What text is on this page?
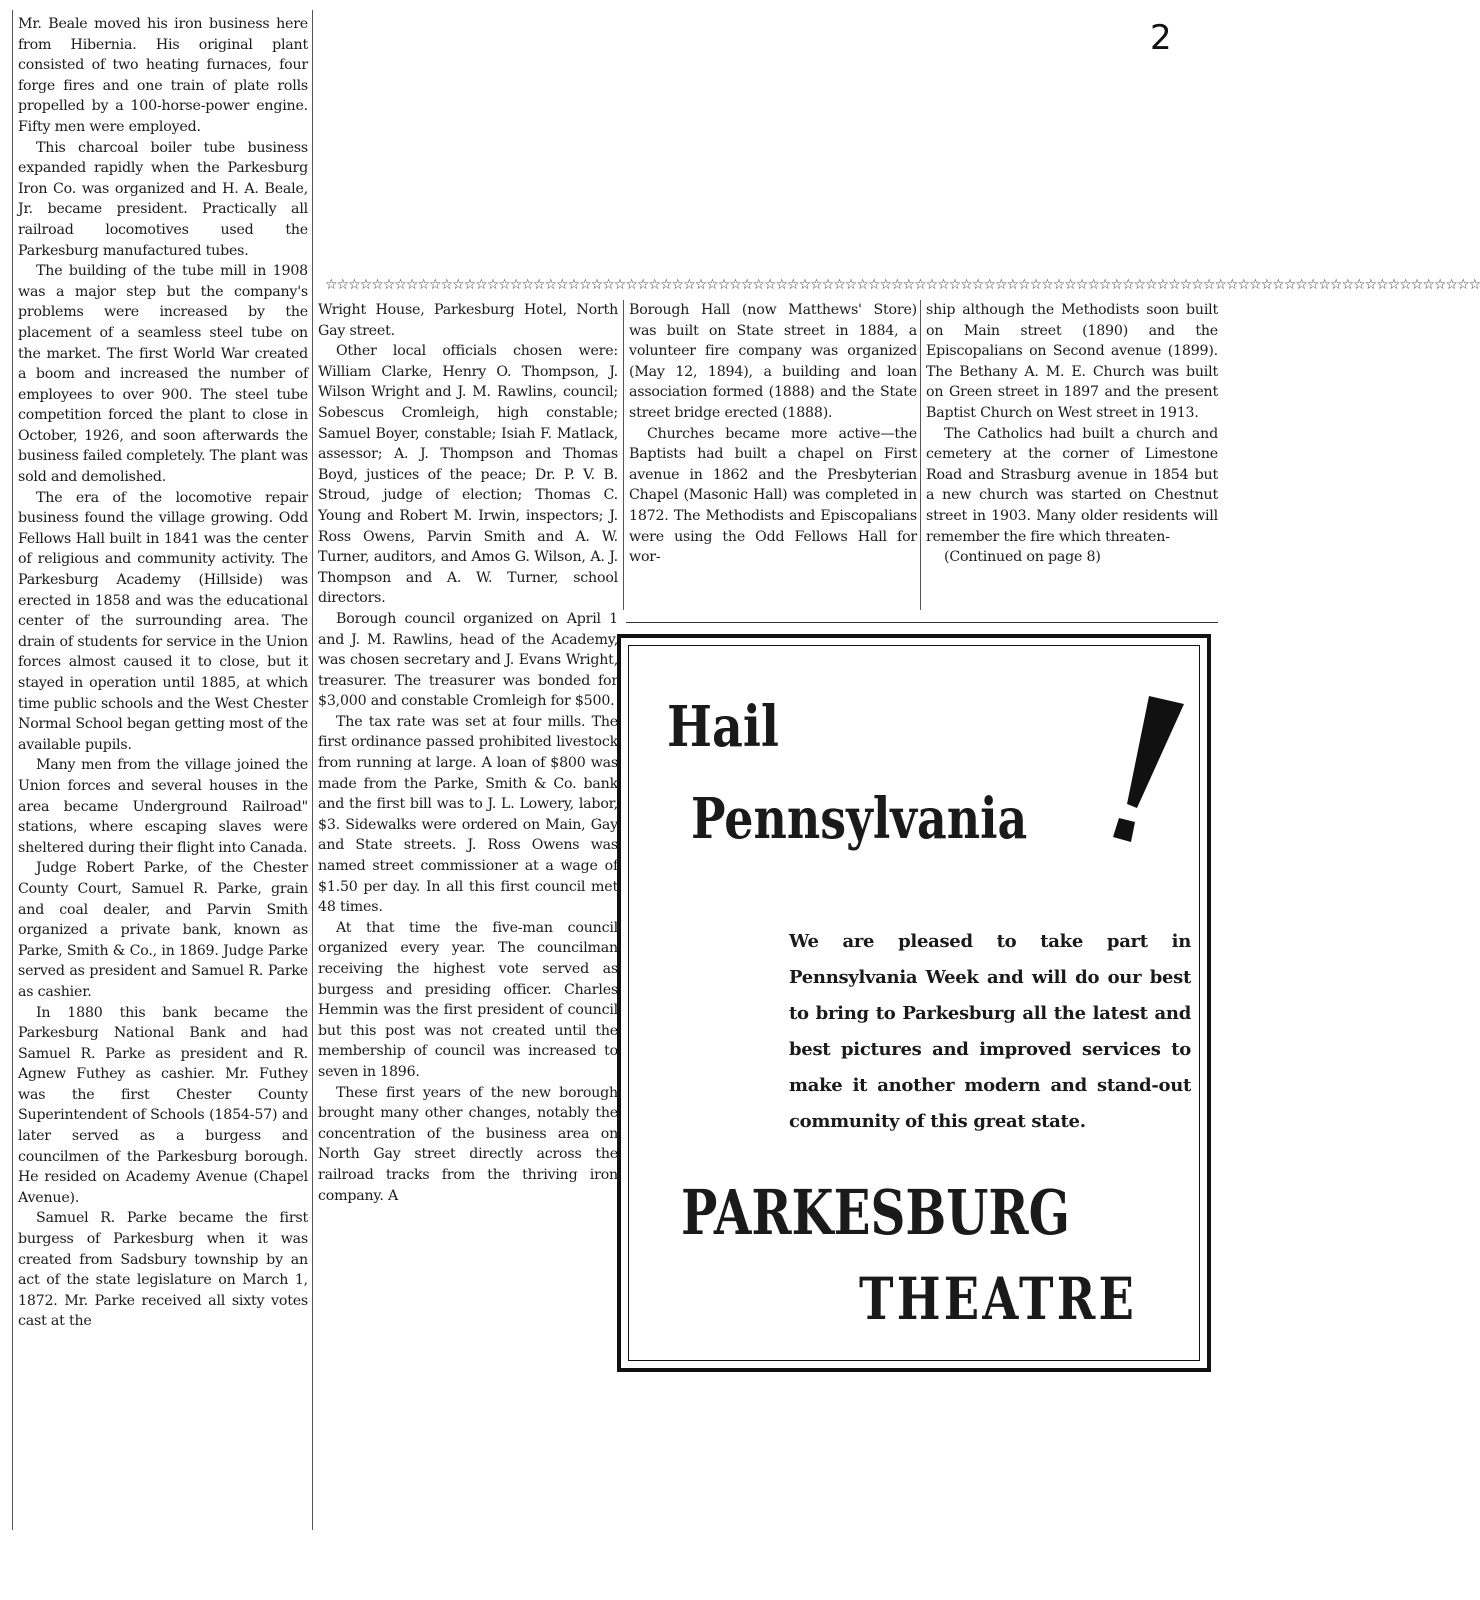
2
☆☆☆☆☆☆☆☆☆☆☆☆☆☆☆☆☆☆☆☆☆☆☆☆☆☆☆☆☆☆☆☆☆☆☆☆☆☆☆☆☆☆☆☆☆☆☆☆☆☆☆☆☆☆☆☆☆☆☆☆☆☆☆☆☆☆☆☆☆☆☆☆☆☆☆☆☆☆☆☆☆☆☆☆☆☆☆☆☆☆☆☆☆☆☆☆☆☆☆☆

Mr. Beale moved his iron business here from Hibernia. His original plant consisted of two heating furnaces, four forge fires and one train of plate rolls propelled by a 100-horse-power engine. Fifty men were employed.

This charcoal boiler tube business expanded rapidly when the Parkesburg Iron Co. was organized and H. A. Beale, Jr. became president. Practically all railroad locomotives used the Parkesburg manufactured tubes.

The building of the tube mill in 1908 was a major step but the company's problems were increased by the placement of a seamless steel tube on the market. The first World War created a boom and increased the number of employees to over 900. The steel tube competition forced the plant to close in October, 1926, and soon afterwards the business failed completely. The plant was sold and demolished.

The era of the locomotive repair business found the village growing. Odd Fellows Hall built in 1841 was the center of religious and community activity. The Parkesburg Academy (Hillside) was erected in 1858 and was the educational center of the surrounding area. The drain of students for service in the Union forces almost caused it to close, but it stayed in operation until 1885, at which time public schools and the West Chester Normal School began getting most of the available pupils.

Many men from the village joined the Union forces and several houses in the area became Underground Railroad" stations, where escaping slaves were sheltered during their flight into Canada.

Judge Robert Parke, of the Chester County Court, Samuel R. Parke, grain and coal dealer, and Parvin Smith organized a private bank, known as Parke, Smith & Co., in 1869. Judge Parke served as president and Samuel R. Parke as cashier.

In 1880 this bank became the Parkesburg National Bank and had Samuel R. Parke as president and R. Agnew Futhey as cashier. Mr. Futhey was the first Chester County Superintendent of Schools (1854-57) and later served as a burgess and councilmen of the Parkesburg borough. He resided on Academy Avenue (Chapel Avenue).

Samuel R. Parke became the first burgess of Parkesburg when it was created from Sadsbury township by an act of the state legislature on March 1, 1872. Mr. Parke received all sixty votes cast at the

Wright House, Parkesburg Hotel, North Gay street.

Other local officials chosen were: William Clarke, Henry O. Thompson, J. Wilson Wright and J. M. Rawlins, council; Sobescus Cromleigh, high constable; Samuel Boyer, constable; Isiah F. Matlack, assessor; A. J. Thompson and Thomas Boyd, justices of the peace; Dr. P. V. B. Stroud, judge of election; Thomas C. Young and Robert M. Irwin, inspectors; J. Ross Owens, Parvin Smith and A. W. Turner, auditors, and Amos G. Wilson, A. J. Thompson and A. W. Turner, school directors.

Borough council organized on April 1 and J. M. Rawlins, head of the Academy, was chosen secretary and J. Evans Wright, treasurer. The treasurer was bonded for $3,000 and constable Cromleigh for $500.

The tax rate was set at four mills. The first ordinance passed prohibited livestock from running at large. A loan of $800 was made from the Parke, Smith & Co. bank and the first bill was to J. L. Lowery, labor, $3. Sidewalks were ordered on Main, Gay and State streets. J. Ross Owens was named street commissioner at a wage of $1.50 per day. In all this first council met 48 times.

At that time the five-man council organized every year. The councilman receiving the highest vote served as burgess and presiding officer. Charles Hemmin was the first president of council but this post was not created until the membership of council was increased to seven in 1896.

These first years of the new borough brought many other changes, notably the concentration of the business area on North Gay street directly across the railroad tracks from the thriving iron company. A

Borough Hall (now Matthews' Store) was built on State street in 1884, a volunteer fire company was organized (May 12, 1894), a building and loan association formed (1888) and the State street bridge erected (1888).

Churches became more active—the Baptists had built a chapel on First avenue in 1862 and the Presbyterian Chapel (Masonic Hall) was completed in 1872. The Methodists and Episcopalians were using the Odd Fellows Hall for wor-

ship although the Methodists soon built on Main street (1890) and the Episcopalians on Second avenue (1899). The Bethany A. M. E. Church was built on Green street in 1897 and the present Baptist Church on West street in 1913.

The Catholics had built a church and cemetery at the corner of Limestone Road and Strasburg avenue in 1854 but a new church was started on Chestnut street in 1903. Many older residents will remember the fire which threaten-

(Continued on page 8)

Hail
Pennsylvania
We are pleased to take part in Pennsylvania Week and will do our best to bring to Parkesburg all the latest and best pictures and improved services to make it another modern and stand-out community of this great state.
PARKESBURG
THEATRE
